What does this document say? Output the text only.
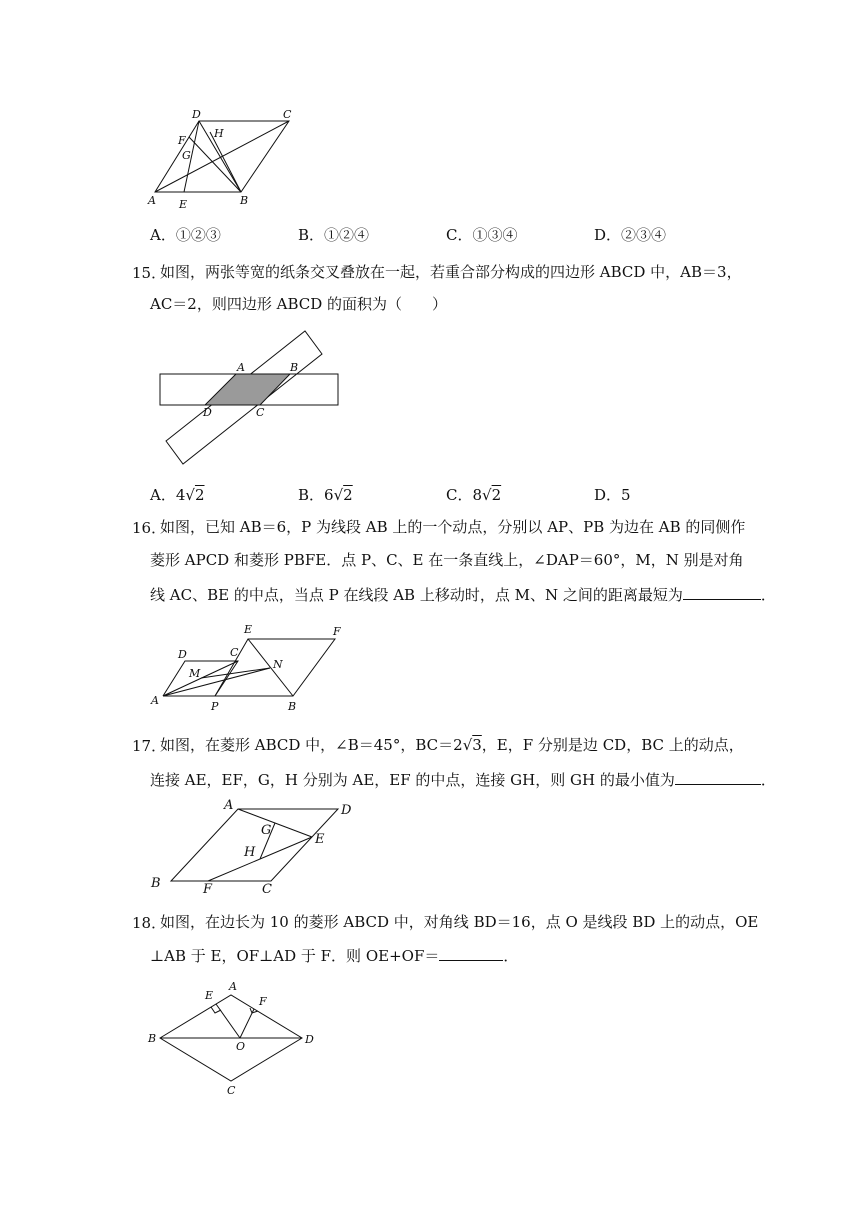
D	C
H
F
G
A E	B
A．①②③	B．①②④	C．①③④	D．②③④
15．
如图，两张等宽的纸条交叉叠放在一起，若重合部分构成的四边形 ABCD 中，AB＝3，
AC＝2，则四边形 ABCD 的面积为（　　）
A	B
D	C
A．4√2	B．6√2	C．8√2	D．5
16．
如图，已知 AB＝6，P 为线段 AB 上的一个动点，分别以 AP、PB 为边在 AB 的同侧作
菱形 APCD 和菱形 PBFE．点 P、C、E 在一条直线上，∠DAP＝60°，M，N 别是对角
线 AC、BE 的中点，当点 P 在线段 AB 上移动时，点 M、N 之间的距离最短为	．
E	F
D	C
M
N
A	P	B
17．
如图，在菱形 ABCD 中，∠B＝45°，BC＝2√3，E，F 分别是边 CD，BC 上的动点，
连接 AE，EF，G，H 分别为 AE，EF 的中点，连接 GH，则 GH 的最小值为	．
A	D
G
E
H
B	F	C
18．
如图，在边长为 10 的菱形 ABCD 中，对角线 BD＝16，点 O 是线段 BD 上的动点，OE
⊥AB 于 E，OF⊥AD 于 F．则 OE+OF＝	．
E
A
F
B
O
D
C
